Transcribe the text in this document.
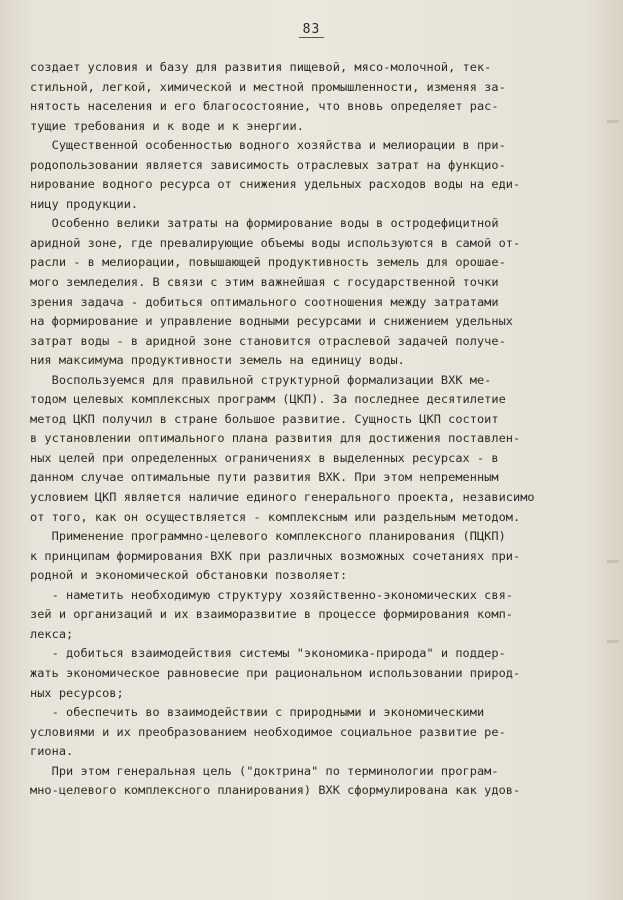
83
создает условия и базу для развития пищевой, мясо-молочной, тек-
стильной, легкой, химической и местной промышленности, изменяя за-
нятость населения и его благосостояние, что вновь определяет рас-
тущие требования и к воде и к энергии.
Существенной особенностью водного хозяйства и мелиорации в при-
родопользовании является зависимость отраслевых затрат на функцио-
нирование водного ресурса от снижения удельных расходов воды на еди-
ницу продукции.
Особенно велики затраты на формирование воды в остродефицитной
аридной зоне, где превалирующие объемы воды используются в самой от-
расли - в мелиорации, повышающей продуктивность земель для орошае-
мого земледелия. В связи с этим важнейшая с государственной точки
зрения задача - добиться оптимального соотношения между затратами
на формирование и управление водными ресурсами и снижением удельных
затрат воды - в аридной зоне становится отраслевой задачей получе-
ния максимума продуктивности земель на единицу воды.
Воспользуемся для правильной структурной формализации ВХК ме-
тодом целевых комплексных программ (ЦКП). За последнее десятилетие
метод ЦКП получил в стране большое развитие. Сущность ЦКП состоит
в установлении оптимального плана развития для достижения поставлен-
ных целей при определенных ограничениях в выделенных ресурсах - в
данном случае оптимальные пути развития ВХК. При этом непременным
условием ЦКП является наличие единого генерального проекта, независимо
от того, как он осуществляется - комплексным или раздельным методом.
Применение программно-целевого комплексного планирования (ПЦКП)
к принципам формирования ВХК при различных возможных сочетаниях при-
родной и экономической обстановки позволяет:
- наметить необходимую структуру хозяйственно-экономических свя-
зей и организаций и их взаиморазвитие в процессе формирования комп-
лекса;
- добиться взаимодействия системы "экономика-природа" и поддер-
жать экономическое равновесие при рациональном использовании природ-
ных ресурсов;
- обеспечить во взаимодействии с природными и экономическими
условиями и их преобразованием необходимое социальное развитие ре-
гиона.
При этом генеральная цель ("доктрина" по терминологии програм-
мно-целевого комплексного планирования) ВХК сформулирована как удов-
